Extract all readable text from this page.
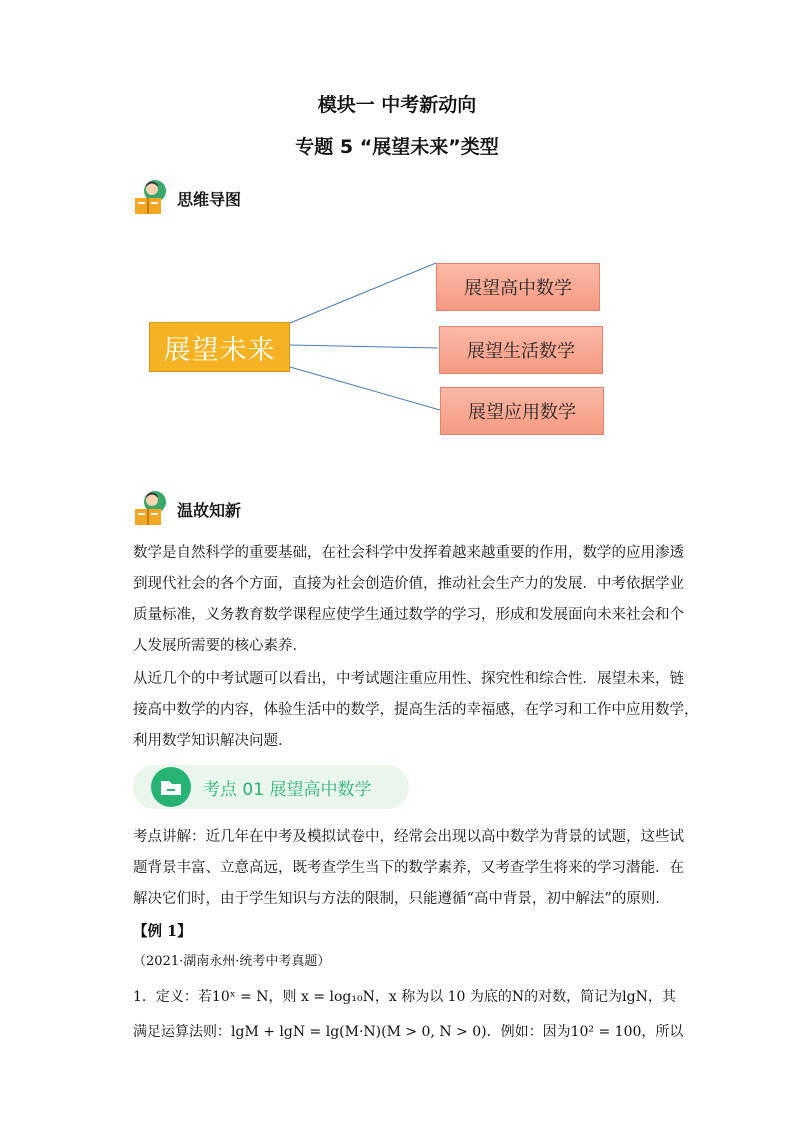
模块一 中考新动向
专题 5 “展望未来”类型
思维导图
展望未来
展望高中数学
展望生活数学
展望应用数学
温故知新
数学是自然科学的重要基础，在社会科学中发挥着越来越重要的作用，数学的应用渗透
到现代社会的各个方面，直接为社会创造价值，推动社会生产力的发展．中考依据学业
质量标准，义务教育数学课程应使学生通过数学的学习，形成和发展面向未来社会和个
人发展所需要的核心素养．
从近几个的中考试题可以看出，中考试题注重应用性、探究性和综合性．展望未来，链
接高中数学的内容，体验生活中的数学，提高生活的幸福感，在学习和工作中应用数学，
利用数学知识解决问题．
考点 01 展望高中数学
考点讲解：近几年在中考及模拟试卷中，经常会出现以高中数学为背景的试题，这些试
题背景丰富、立意高远，既考查学生当下的数学素养，又考查学生将来的学习潜能．在
解决它们时，由于学生知识与方法的限制，只能遵循“高中背景，初中解法”的原则．
【例 1】
（2021·湖南永州·统考中考真题）
1．定义：若10ˣ = N，则 x = log₁₀N，x 称为以 10 为底的N的对数，简记为lgN，其
满足运算法则：lgM + lgN = lg(M·N)(M > 0, N > 0)．例如：因为10² = 100，所以
